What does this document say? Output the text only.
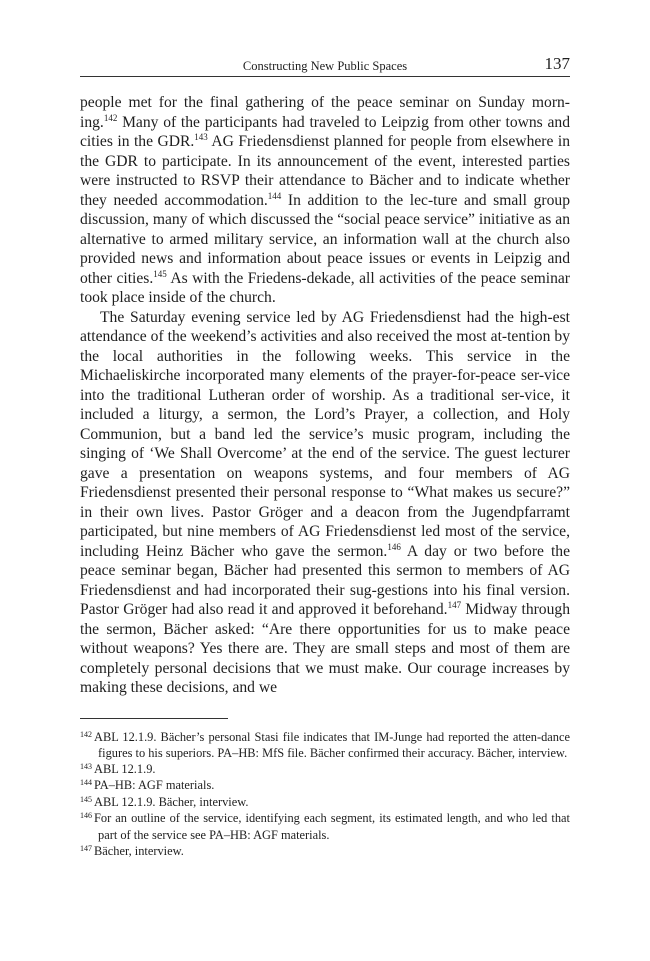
Constructing New Public Spaces	137

people met for the final gathering of the peace seminar on Sunday morn-ing.$^{142}$ Many of the participants had traveled to Leipzig from other towns and cities in the GDR.$^{143}$ AG Friedensdienst planned for people from elsewhere in the GDR to participate. In its announcement of the event, interested parties were instructed to RSVP their attendance to Bächer and to indicate whether they needed accommodation.$^{144}$ In addition to the lec-ture and small group discussion, many of which discussed the “social peace service” initiative as an alternative to armed military service, an information wall at the church also provided news and information about peace issues or events in Leipzig and other cities.$^{145}$ As with the Friedens-dekade, all activities of the peace seminar took place inside of the church.

The Saturday evening service led by AG Friedensdienst had the high-est attendance of the weekend’s activities and also received the most at-tention by the local authorities in the following weeks. This service in the Michaeliskirche incorporated many elements of the prayer-for-peace ser-vice into the traditional Lutheran order of worship. As a traditional ser-vice, it included a liturgy, a sermon, the Lord’s Prayer, a collection, and Holy Communion, but a band led the service’s music program, including the singing of ‘We Shall Overcome’ at the end of the service. The guest lecturer gave a presentation on weapons systems, and four members of AG Friedensdienst presented their personal response to “What makes us secure?” in their own lives. Pastor Gröger and a deacon from the Jugendpfarramt participated, but nine members of AG Friedensdienst led most of the service, including Heinz Bächer who gave the sermon.$^{146}$ A day or two before the peace seminar began, Bächer had presented this sermon to members of AG Friedensdienst and had incorporated their sug-gestions into his final version. Pastor Gröger had also read it and approved it beforehand.$^{147}$ Midway through the sermon, Bächer asked: “Are there opportunities for us to make peace without weapons? Yes there are. They are small steps and most of them are completely personal decisions that we must make. Our courage increases by making these decisions, and we

$^{142}$ ABL 12.1.9. Bächer’s personal Stasi file indicates that IM-Junge had reported the atten-dance figures to his superiors. PA–HB: MfS file. Bächer confirmed their accuracy. Bächer, interview.

$^{143}$ ABL 12.1.9.

$^{144}$ PA–HB: AGF materials.

$^{145}$ ABL 12.1.9. Bächer, interview.

$^{146}$ For an outline of the service, identifying each segment, its estimated length, and who led that part of the service see PA–HB: AGF materials.

$^{147}$ Bächer, interview.
